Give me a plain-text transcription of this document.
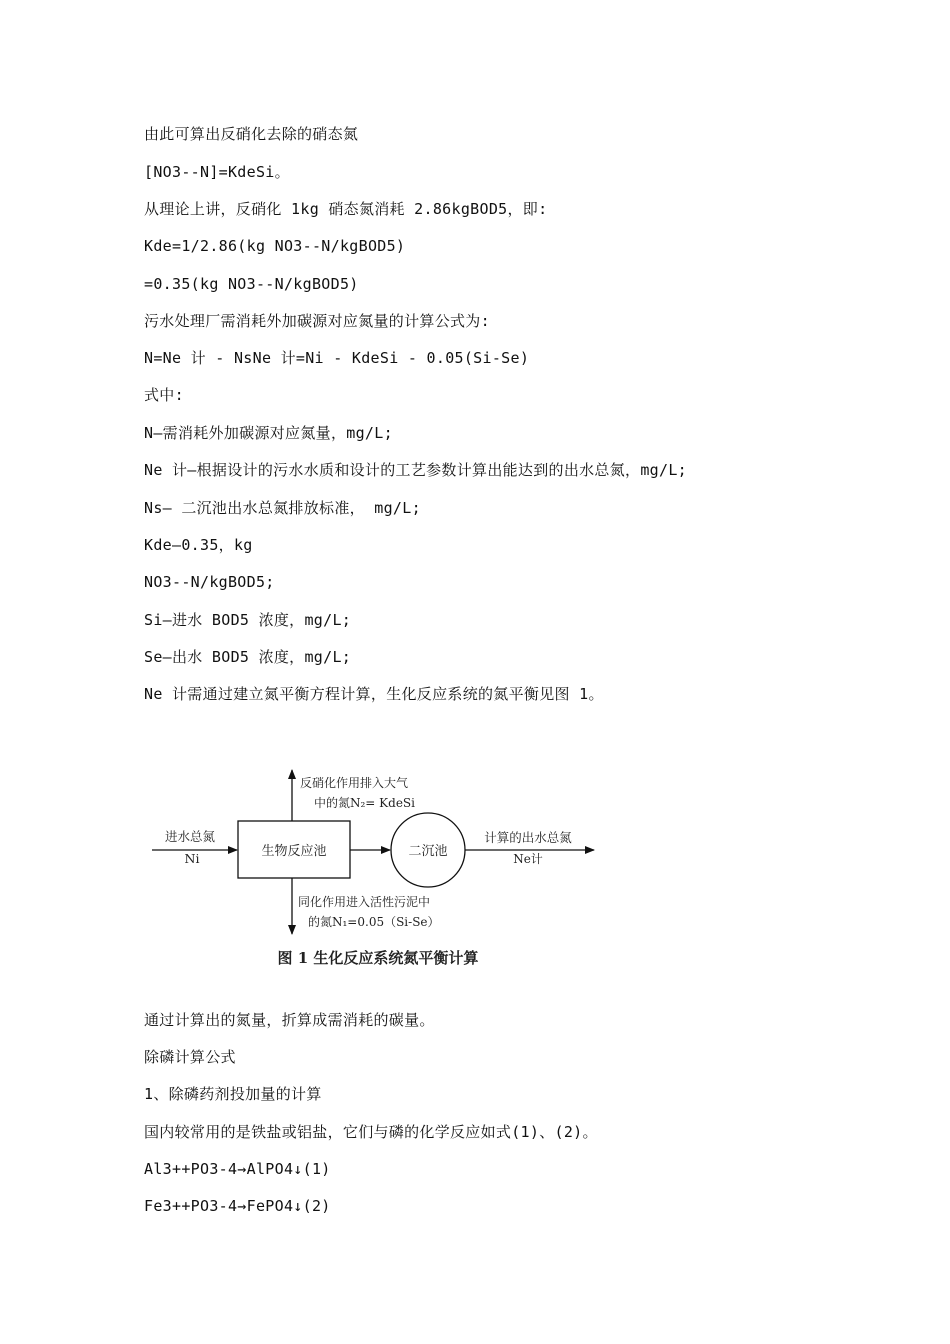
由此可算出反硝化去除的硝态氮
[NO3--N]=KdeSi。
从理论上讲，反硝化 1kg 硝态氮消耗 2.86kgBOD5，即:
Kde=1/2.86(kg NO3--N/kgBOD5)
=0.35(kg NO3--N/kgBOD5)
污水处理厂需消耗外加碳源对应氮量的计算公式为:
N=Ne 计 - NsNe 计=Ni - KdeSi - 0.05(Si-Se)
式中:
N—需消耗外加碳源对应氮量，mg/L;
Ne 计—根据设计的污水水质和设计的工艺参数计算出能达到的出水总氮，mg/L;
Ns— 二沉池出水总氮排放标准， mg/L;
Kde—0.35，kg
NO3--N/kgBOD5;
Si—进水 BOD5 浓度，mg/L;
Se—出水 BOD5 浓度，mg/L;
Ne 计需通过建立氮平衡方程计算，生化反应系统的氮平衡见图 1。
进水总氮
Ni	生物反应池
反硝化作用排入大气
中的氮N₂= KdeSi
同化作用进入活性污泥中
的氮N₁=0.05（Si-Se）
二沉池
计算的出水总氮
Ne计
图 1 生化反应系统氮平衡计算
通过计算出的氮量，折算成需消耗的碳量。
除磷计算公式
1、除磷药剂投加量的计算
国内较常用的是铁盐或铝盐，它们与磷的化学反应如式(1)、(2)。
Al3++PO3-4→AlPO4↓(1)
Fe3++PO3-4→FePO4↓(2)
